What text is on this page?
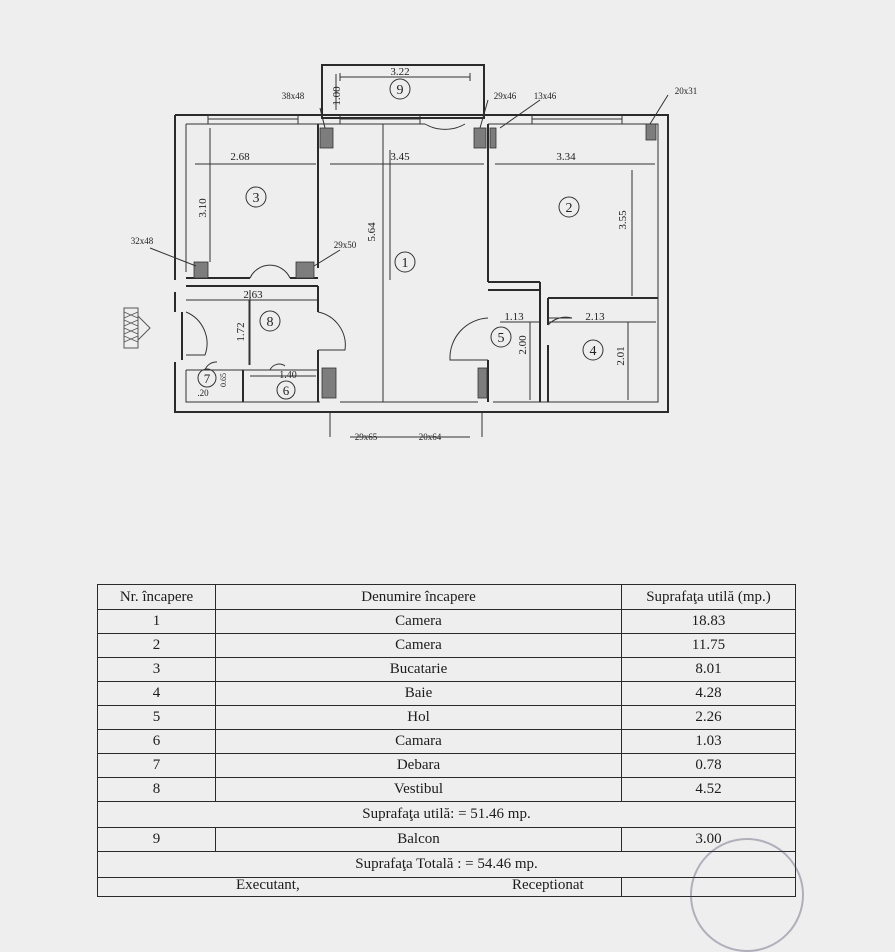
3.22
1.00
2.68
3.10
3.45
5.64
3.34
3.55
2.63
1.72
1.40
.20
0.65
1.13
2.00
2.13
2.01
38x48	29x46 13x46	20x31
32x48	29x50
29x65	20x64
1
2
3
4
5
6
7
8
9
Nr. încapere	Denumire încapere	Suprafaţa utilă (mp.)
1	Camera	18.83
2	Camera	11.75
3	Bucatarie	8.01
4	Baie	4.28
5	Hol	2.26
6	Camara	1.03
7	Debara	0.78
8	Vestibul	4.52
Suprafaţa utilă: = 51.46 mp.		
9	Balcon	3.00
Suprafaţa Totală : = 54.46 mp.		
Executant,		Receptionat
